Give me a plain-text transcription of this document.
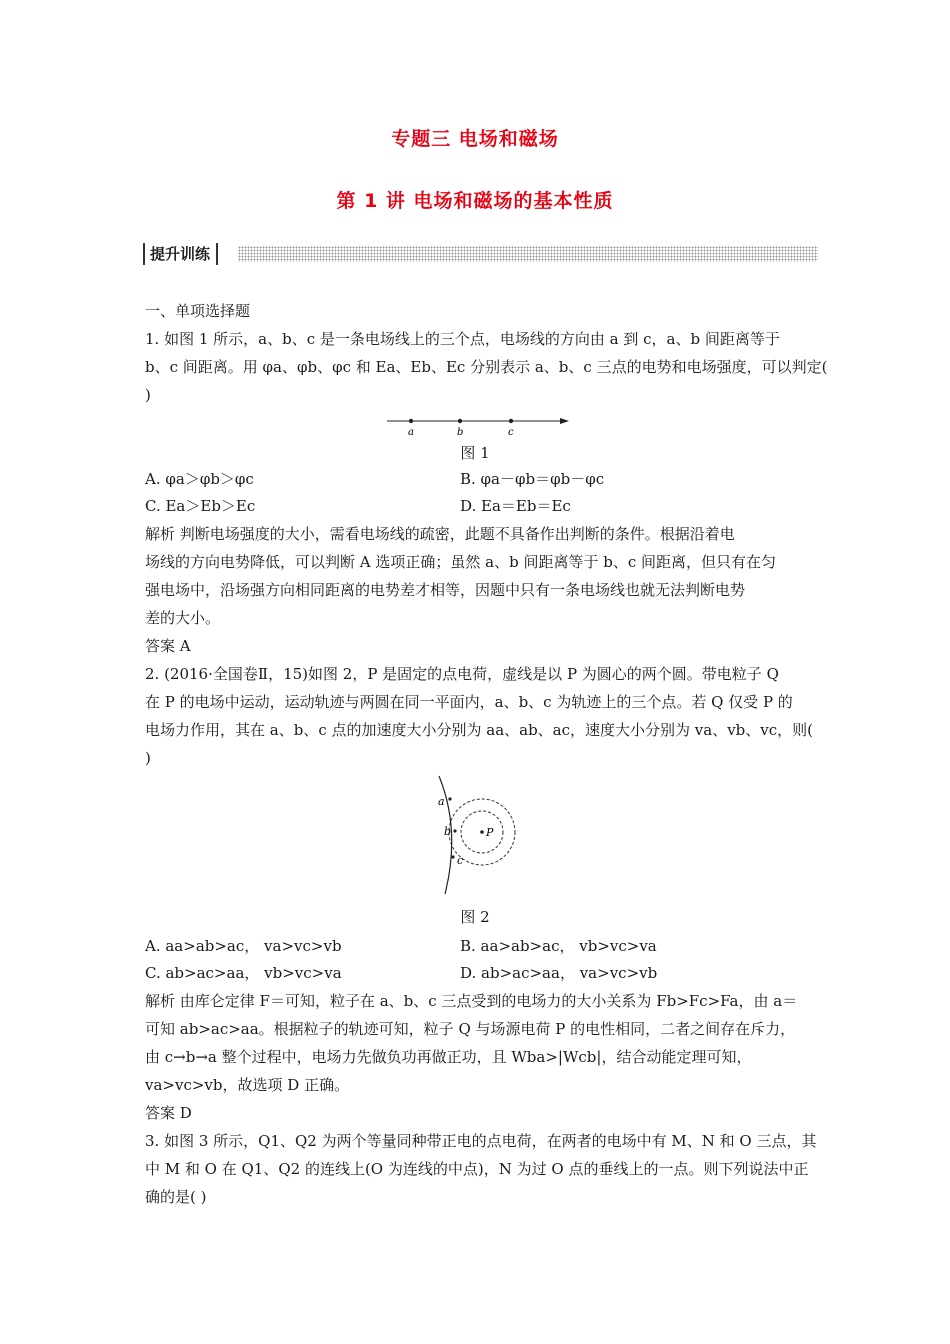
专题三 电场和磁场
第 1 讲 电场和磁场的基本性质
提升训练
一、单项选择题
1. 如图 1 所示，a、b、c 是一条电场线上的三个点，电场线的方向由 a 到 c，a、b 间距离等于
b、c 间距离。用 φa、φb、φc 和 Ea、Eb、Ec 分别表示 a、b、c 三点的电势和电场强度，可以判定(
)
a	b	c
图 1
A. φa＞φb＞φc	B. φa－φb＝φb－φc
C. Ea＞Eb＞Ec	D. Ea＝Eb＝Ec
解析 判断电场强度的大小，需看电场线的疏密，此题不具备作出判断的条件。根据沿着电
场线的方向电势降低，可以判断 A 选项正确；虽然 a、b 间距离等于 b、c 间距离，但只有在匀
强电场中，沿场强方向相同距离的电势差才相等，因题中只有一条电场线也就无法判断电势
差的大小。
答案 A
2. (2016·全国卷Ⅱ，15)如图 2，P 是固定的点电荷，虚线是以 P 为圆心的两个圆。带电粒子 Q
在 P 的电场中运动，运动轨迹与两圆在同一平面内，a、b、c 为轨迹上的三个点。若 Q 仅受 P 的
电场力作用，其在 a、b、c 点的加速度大小分别为 aa、ab、ac，速度大小分别为 va、vb、vc，则(
)
a
b
c
P
图 2
A. aa>ab>ac， va>vc>vb	B. aa>ab>ac， vb>vc>va
C. ab>ac>aa， vb>vc>va	D. ab>ac>aa， va>vc>vb
解析 由库仑定律 F＝可知，粒子在 a、b、c 三点受到的电场力的大小关系为 Fb>Fc>Fa，由 a＝
可知 ab>ac>aa。根据粒子的轨迹可知，粒子 Q 与场源电荷 P 的电性相同，二者之间存在斥力，
由 c→b→a 整个过程中，电场力先做负功再做正功，且 Wba>|Wcb|，结合动能定理可知，
va>vc>vb，故选项 D 正确。
答案 D
3. 如图 3 所示，Q1、Q2 为两个等量同种带正电的点电荷，在两者的电场中有 M、N 和 O 三点，其
中 M 和 O 在 Q1、Q2 的连线上(O 为连线的中点)，N 为过 O 点的垂线上的一点。则下列说法中正
确的是( )
